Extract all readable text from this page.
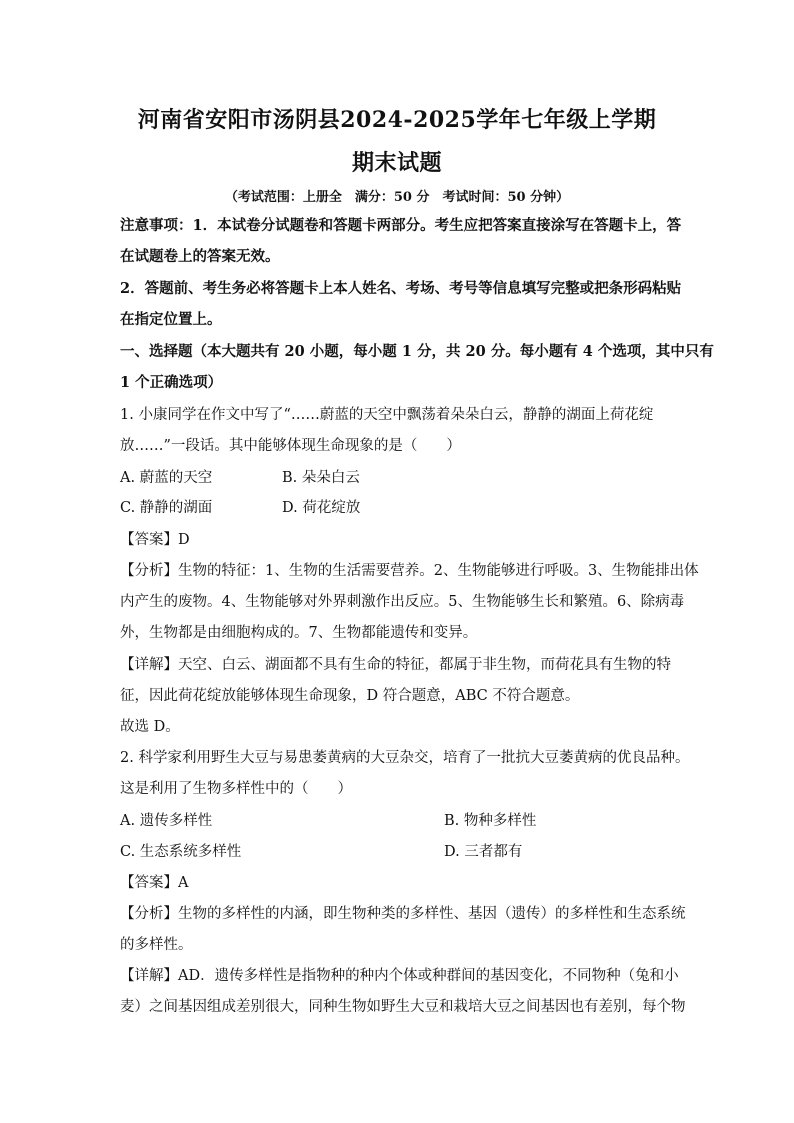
河南省安阳市汤阴县2024-2025学年七年级上学期
期末试题
（考试范围：上册全　满分：50 分　考试时间：50 分钟）
注意事项：1．本试卷分试题卷和答题卡两部分。考生应把答案直接涂写在答题卡上，答
在试题卷上的答案无效。
2．答题前、考生务必将答题卡上本人姓名、考场、考号等信息填写完整或把条形码粘贴
在指定位置上。
一、选择题（本大题共有 20 小题，每小题 1 分，共 20 分。每小题有 4 个选项，其中只有
1 个正确选项）
1. 小康同学在作文中写了“……蔚蓝的天空中飘荡着朵朵白云，静静的湖面上荷花绽
放……”一段话。其中能够体现生命现象的是（　　）
A. 蔚蓝的天空	B. 朵朵白云
C. 静静的湖面	D. 荷花绽放
【答案】D
【分析】生物的特征：1、生物的生活需要营养。2、生物能够进行呼吸。3、生物能排出体
内产生的废物。4、生物能够对外界刺激作出反应。5、生物能够生长和繁殖。6、除病毒
外，生物都是由细胞构成的。7、生物都能遗传和变异。
【详解】天空、白云、湖面都不具有生命的特征，都属于非生物，而荷花具有生物的特
征，因此荷花绽放能够体现生命现象，D 符合题意，ABC 不符合题意。
故选 D。
2. 科学家利用野生大豆与易患萎黄病的大豆杂交，培育了一批抗大豆萎黄病的优良品种。
这是利用了生物多样性中的（　　）
A. 遗传多样性	B. 物种多样性
C. 生态系统多样性	D. 三者都有
【答案】A
【分析】生物的多样性的内涵，即生物种类的多样性、基因（遗传）的多样性和生态系统
的多样性。
【详解】AD．遗传多样性是指物种的种内个体或种群间的基因变化，不同物种（兔和小
麦）之间基因组成差别很大，同种生物如野生大豆和栽培大豆之间基因也有差别，每个物
